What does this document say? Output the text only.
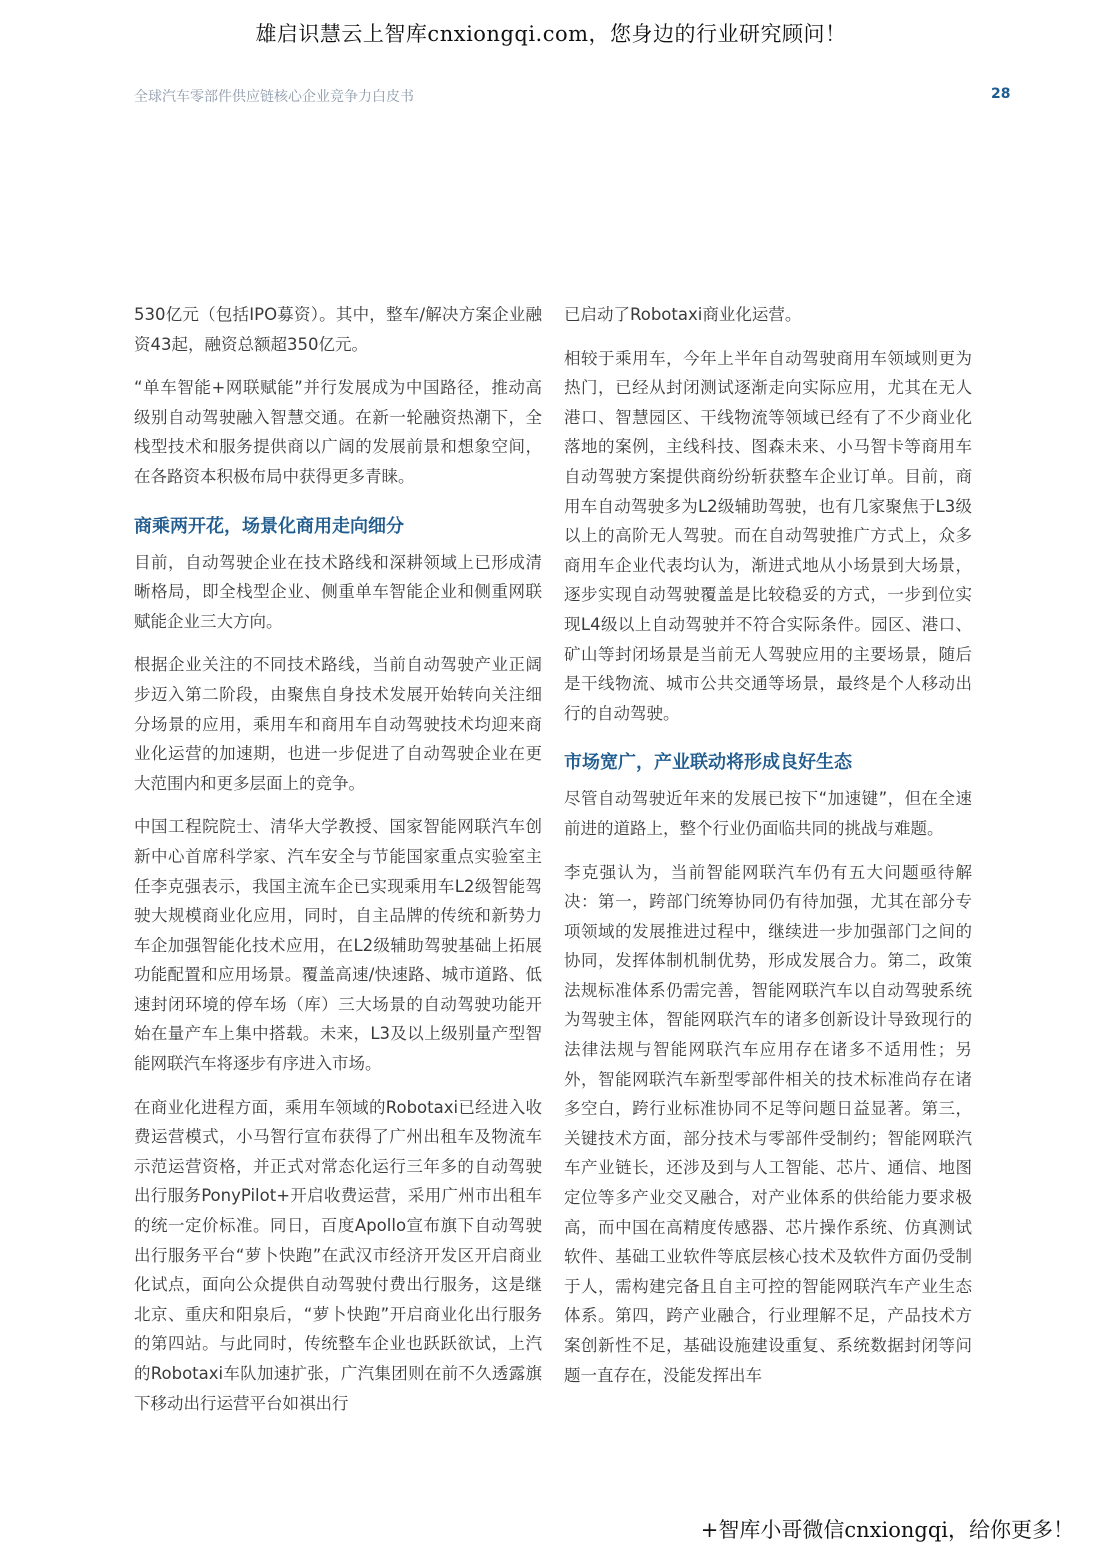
雄启识慧云上智库cnxiongqi.com，您身边的行业研究顾问！
全球汽车零部件供应链核心企业竞争力白皮书	28

530亿元（包括IPO募资）。其中，整车/解决方案企业融资43起，融资总额超350亿元。

“单车智能+网联赋能”并行发展成为中国路径，推动高级别自动驾驶融入智慧交通。在新一轮融资热潮下，全栈型技术和服务提供商以广阔的发展前景和想象空间，在各路资本积极布局中获得更多青睐。

商乘两开花，场景化商用走向细分

目前，自动驾驶企业在技术路线和深耕领域上已形成清晰格局，即全栈型企业、侧重单车智能企业和侧重网联赋能企业三大方向。

根据企业关注的不同技术路线，当前自动驾驶产业正阔步迈入第二阶段，由聚焦自身技术发展开始转向关注细分场景的应用，乘用车和商用车自动驾驶技术均迎来商业化运营的加速期，也进一步促进了自动驾驶企业在更大范围内和更多层面上的竞争。

中国工程院院士、清华大学教授、国家智能网联汽车创新中心首席科学家、汽车安全与节能国家重点实验室主任李克强表示，我国主流车企已实现乘用车L2级智能驾驶大规模商业化应用，同时，自主品牌的传统和新势力车企加强智能化技术应用，在L2级辅助驾驶基础上拓展功能配置和应用场景。覆盖高速/快速路、城市道路、低速封闭环境的停车场（库）三大场景的自动驾驶功能开始在量产车上集中搭载。未来，L3及以上级别量产型智能网联汽车将逐步有序进入市场。

在商业化进程方面，乘用车领域的Robotaxi已经进入收费运营模式，小马智行宣布获得了广州出租车及物流车示范运营资格，并正式对常态化运行三年多的自动驾驶出行服务PonyPilot+开启收费运营，采用广州市出租车的统一定价标准。同日，百度Apollo宣布旗下自动驾驶出行服务平台“萝卜快跑”在武汉市经济开发区开启商业化试点，面向公众提供自动驾驶付费出行服务，这是继北京、重庆和阳泉后，“萝卜快跑”开启商业化出行服务的第四站。与此同时，传统整车企业也跃跃欲试，上汽的Robotaxi车队加速扩张，广汽集团则在前不久透露旗下移动出行运营平台如祺出行

已启动了Robotaxi商业化运营。

相较于乘用车，今年上半年自动驾驶商用车领域则更为热门，已经从封闭测试逐渐走向实际应用，尤其在无人港口、智慧园区、干线物流等领域已经有了不少商业化落地的案例，主线科技、图森未来、小马智卡等商用车自动驾驶方案提供商纷纷斩获整车企业订单。目前，商用车自动驾驶多为L2级辅助驾驶，也有几家聚焦于L3级以上的高阶无人驾驶。而在自动驾驶推广方式上，众多商用车企业代表均认为，渐进式地从小场景到大场景，逐步实现自动驾驶覆盖是比较稳妥的方式，一步到位实现L4级以上自动驾驶并不符合实际条件。园区、港口、矿山等封闭场景是当前无人驾驶应用的主要场景，随后是干线物流、城市公共交通等场景，最终是个人移动出行的自动驾驶。

市场宽广，产业联动将形成良好生态

尽管自动驾驶近年来的发展已按下“加速键”，但在全速前进的道路上，整个行业仍面临共同的挑战与难题。

李克强认为，当前智能网联汽车仍有五大问题亟待解决：第一，跨部门统筹协同仍有待加强，尤其在部分专项领域的发展推进过程中，继续进一步加强部门之间的协同，发挥体制机制优势，形成发展合力。第二，政策法规标准体系仍需完善，智能网联汽车以自动驾驶系统为驾驶主体，智能网联汽车的诸多创新设计导致现行的法律法规与智能网联汽车应用存在诸多不适用性；另外，智能网联汽车新型零部件相关的技术标准尚存在诸多空白，跨行业标准协同不足等问题日益显著。第三，关键技术方面，部分技术与零部件受制约；智能网联汽车产业链长，还涉及到与人工智能、芯片、通信、地图定位等多产业交叉融合，对产业体系的供给能力要求极高，而中国在高精度传感器、芯片操作系统、仿真测试软件、基础工业软件等底层核心技术及软件方面仍受制于人，需构建完备且自主可控的智能网联汽车产业生态体系。第四，跨产业融合，行业理解不足，产品技术方案创新性不足，基础设施建设重复、系统数据封闭等问题一直存在，没能发挥出车

+智库小哥微信cnxiongqi，给你更多！
